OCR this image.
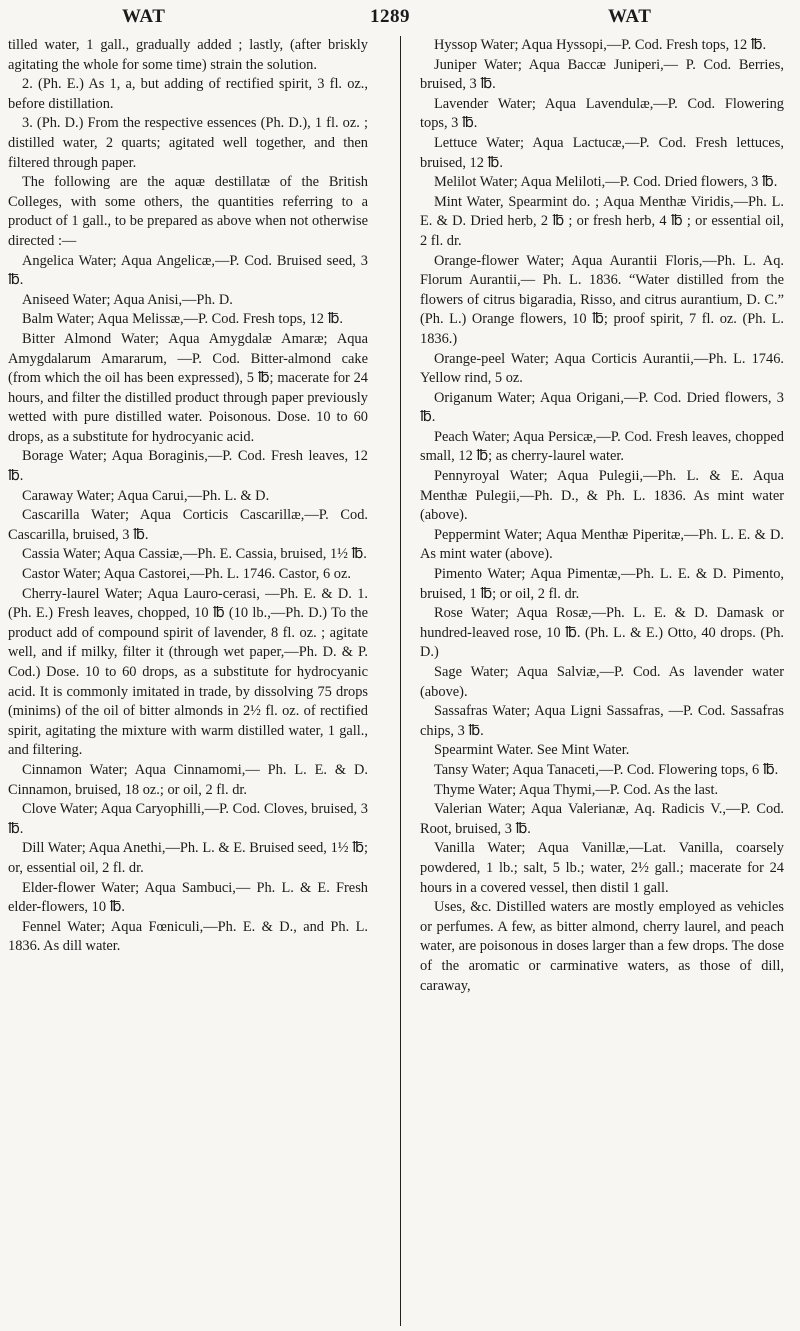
WAT	1289	WAT

tilled water, 1 gall., gradually added ; lastly, (after briskly agitating the whole for some time) strain the solution.

2. (Ph. E.) As 1, a, but adding of rectified spirit, 3 fl. oz., before distillation.

3. (Ph. D.) From the respective essences (Ph. D.), 1 fl. oz. ; distilled water, 2 quarts; agitated well together, and then filtered through paper.

The following are the aquæ destillatæ of the British Colleges, with some others, the quantities referring to a product of 1 gall., to be prepared as above when not otherwise directed :—

Angelica Water; Aqua Angelicæ,—P. Cod. Bruised seed, 3 ℔.

Aniseed Water; Aqua Anisi,—Ph. D.

Balm Water; Aqua Melissæ,—P. Cod. Fresh tops, 12 ℔.

Bitter Almond Water; Aqua Amygdalæ Amaræ; Aqua Amygdalarum Amararum, —P. Cod. Bitter-almond cake (from which the oil has been expressed), 5 ℔; macerate for 24 hours, and filter the distilled product through paper previously wetted with pure distilled water. Poisonous. Dose. 10 to 60 drops, as a substitute for hydrocyanic acid.

Borage Water; Aqua Boraginis,—P. Cod. Fresh leaves, 12 ℔.

Caraway Water; Aqua Carui,—Ph. L. & D.

Cascarilla Water; Aqua Corticis Cascarillæ,—P. Cod. Cascarilla, bruised, 3 ℔.

Cassia Water; Aqua Cassiæ,—Ph. E. Cassia, bruised, 1½ ℔.

Castor Water; Aqua Castorei,—Ph. L. 1746. Castor, 6 oz.

Cherry-laurel Water; Aqua Lauro-cerasi, —Ph. E. & D. 1. (Ph. E.) Fresh leaves, chopped, 10 ℔ (10 lb.,—Ph. D.) To the product add of compound spirit of lavender, 8 fl. oz. ; agitate well, and if milky, filter it (through wet paper,—Ph. D. & P. Cod.) Dose. 10 to 60 drops, as a substitute for hydrocyanic acid. It is commonly imitated in trade, by dissolving 75 drops (minims) of the oil of bitter almonds in 2½ fl. oz. of rectified spirit, agitating the mixture with warm distilled water, 1 gall., and filtering.

Cinnamon Water; Aqua Cinnamomi,— Ph. L. E. & D. Cinnamon, bruised, 18 oz.; or oil, 2 fl. dr.

Clove Water; Aqua Caryophilli,—P. Cod. Cloves, bruised, 3 ℔.

Dill Water; Aqua Anethi,—Ph. L. & E. Bruised seed, 1½ ℔; or, essential oil, 2 fl. dr.

Elder-flower Water; Aqua Sambuci,— Ph. L. & E. Fresh elder-flowers, 10 ℔.

Fennel Water; Aqua Fœniculi,—Ph. E. & D., and Ph. L. 1836. As dill water.

Hyssop Water; Aqua Hyssopi,—P. Cod. Fresh tops, 12 ℔.

Juniper Water; Aqua Baccæ Juniperi,— P. Cod. Berries, bruised, 3 ℔.

Lavender Water; Aqua Lavendulæ,—P. Cod. Flowering tops, 3 ℔.

Lettuce Water; Aqua Lactucæ,—P. Cod. Fresh lettuces, bruised, 12 ℔.

Melilot Water; Aqua Meliloti,—P. Cod. Dried flowers, 3 ℔.

Mint Water, Spearmint do. ; Aqua Menthæ Viridis,—Ph. L. E. & D. Dried herb, 2 ℔ ; or fresh herb, 4 ℔ ; or essential oil, 2 fl. dr.

Orange-flower Water; Aqua Aurantii Floris,—Ph. L. Aq. Florum Aurantii,— Ph. L. 1836. “Water distilled from the flowers of citrus bigaradia, Risso, and citrus aurantium, D. C.” (Ph. L.) Orange flowers, 10 ℔; proof spirit, 7 fl. oz. (Ph. L. 1836.)

Orange-peel Water; Aqua Corticis Aurantii,—Ph. L. 1746. Yellow rind, 5 oz.

Origanum Water; Aqua Origani,—P. Cod. Dried flowers, 3 ℔.

Peach Water; Aqua Persicæ,—P. Cod. Fresh leaves, chopped small, 12 ℔; as cherry-laurel water.

Pennyroyal Water; Aqua Pulegii,—Ph. L. & E. Aqua Menthæ Pulegii,—Ph. D., & Ph. L. 1836. As mint water (above).

Peppermint Water; Aqua Menthæ Piperitæ,—Ph. L. E. & D. As mint water (above).

Pimento Water; Aqua Pimentæ,—Ph. L. E. & D. Pimento, bruised, 1 ℔; or oil, 2 fl. dr.

Rose Water; Aqua Rosæ,—Ph. L. E. & D. Damask or hundred-leaved rose, 10 ℔. (Ph. L. & E.) Otto, 40 drops. (Ph. D.)

Sage Water; Aqua Salviæ,—P. Cod. As lavender water (above).

Sassafras Water; Aqua Ligni Sassafras, —P. Cod. Sassafras chips, 3 ℔.

Spearmint Water. See Mint Water.

Tansy Water; Aqua Tanaceti,—P. Cod. Flowering tops, 6 ℔.

Thyme Water; Aqua Thymi,—P. Cod. As the last.

Valerian Water; Aqua Valerianæ, Aq. Radicis V.,—P. Cod. Root, bruised, 3 ℔.

Vanilla Water; Aqua Vanillæ,—Lat. Vanilla, coarsely powdered, 1 lb.; salt, 5 lb.; water, 2½ gall.; macerate for 24 hours in a covered vessel, then distil 1 gall.

Uses, &c. Distilled waters are mostly employed as vehicles or perfumes. A few, as bitter almond, cherry laurel, and peach water, are poisonous in doses larger than a few drops. The dose of the aromatic or carminative waters, as those of dill, caraway,
